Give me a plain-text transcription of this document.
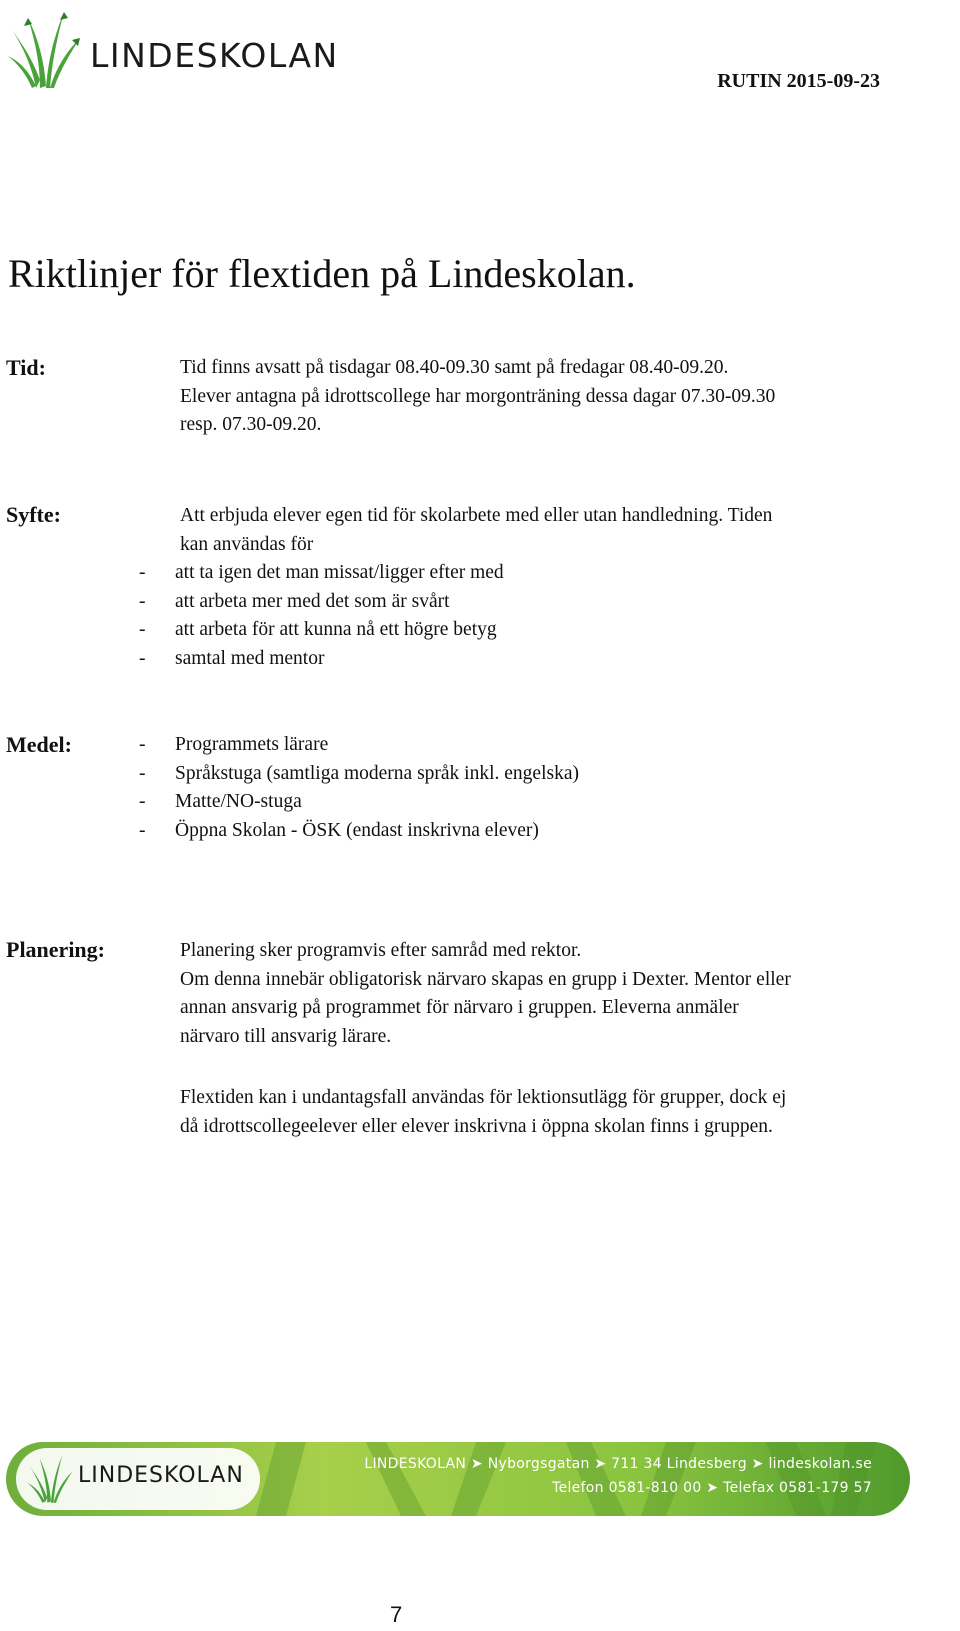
LINDESKOLAN
RUTIN 2015-09-23
Riktlinjer för flextiden på Lindeskolan.
Tid:	Tid finns avsatt på tisdagar 08.40-09.30 samt på fredagar 08.40-09.20.
Elever antagna på idrottscollege har morgonträning dessa dagar 07.30-09.30
resp. 07.30-09.20.
Syfte:	Att erbjuda elever egen tid för skolarbete med eller utan handledning. Tiden
kan användas för
- att ta igen det man missat/ligger efter med
- att arbeta mer med det som är svårt
- att arbeta för att kunna nå ett högre betyg
- samtal med mentor
Medel:	- Programmets lärare
- Språkstuga (samtliga moderna språk inkl. engelska)
- Matte/NO-stuga
- Öppna Skolan - ÖSK (endast inskrivna elever)
Planering:	Planering sker programvis efter samråd med rektor.
Om denna innebär obligatorisk närvaro skapas en grupp i Dexter. Mentor eller
annan ansvarig på programmet för närvaro i gruppen. Eleverna anmäler
närvaro till ansvarig lärare.
Flextiden kan i undantagsfall användas för lektionsutlägg för grupper, dock ej
då idrottscollegeelever eller elever inskrivna i öppna skolan finns i gruppen.
LINDESKOLAN	LINDESKOLAN ➤ Nyborgsgatan ➤ 711 34 Lindesberg ➤ lindeskolan.se
Telefon 0581-810 00 ➤ Telefax 0581-179 57
7
